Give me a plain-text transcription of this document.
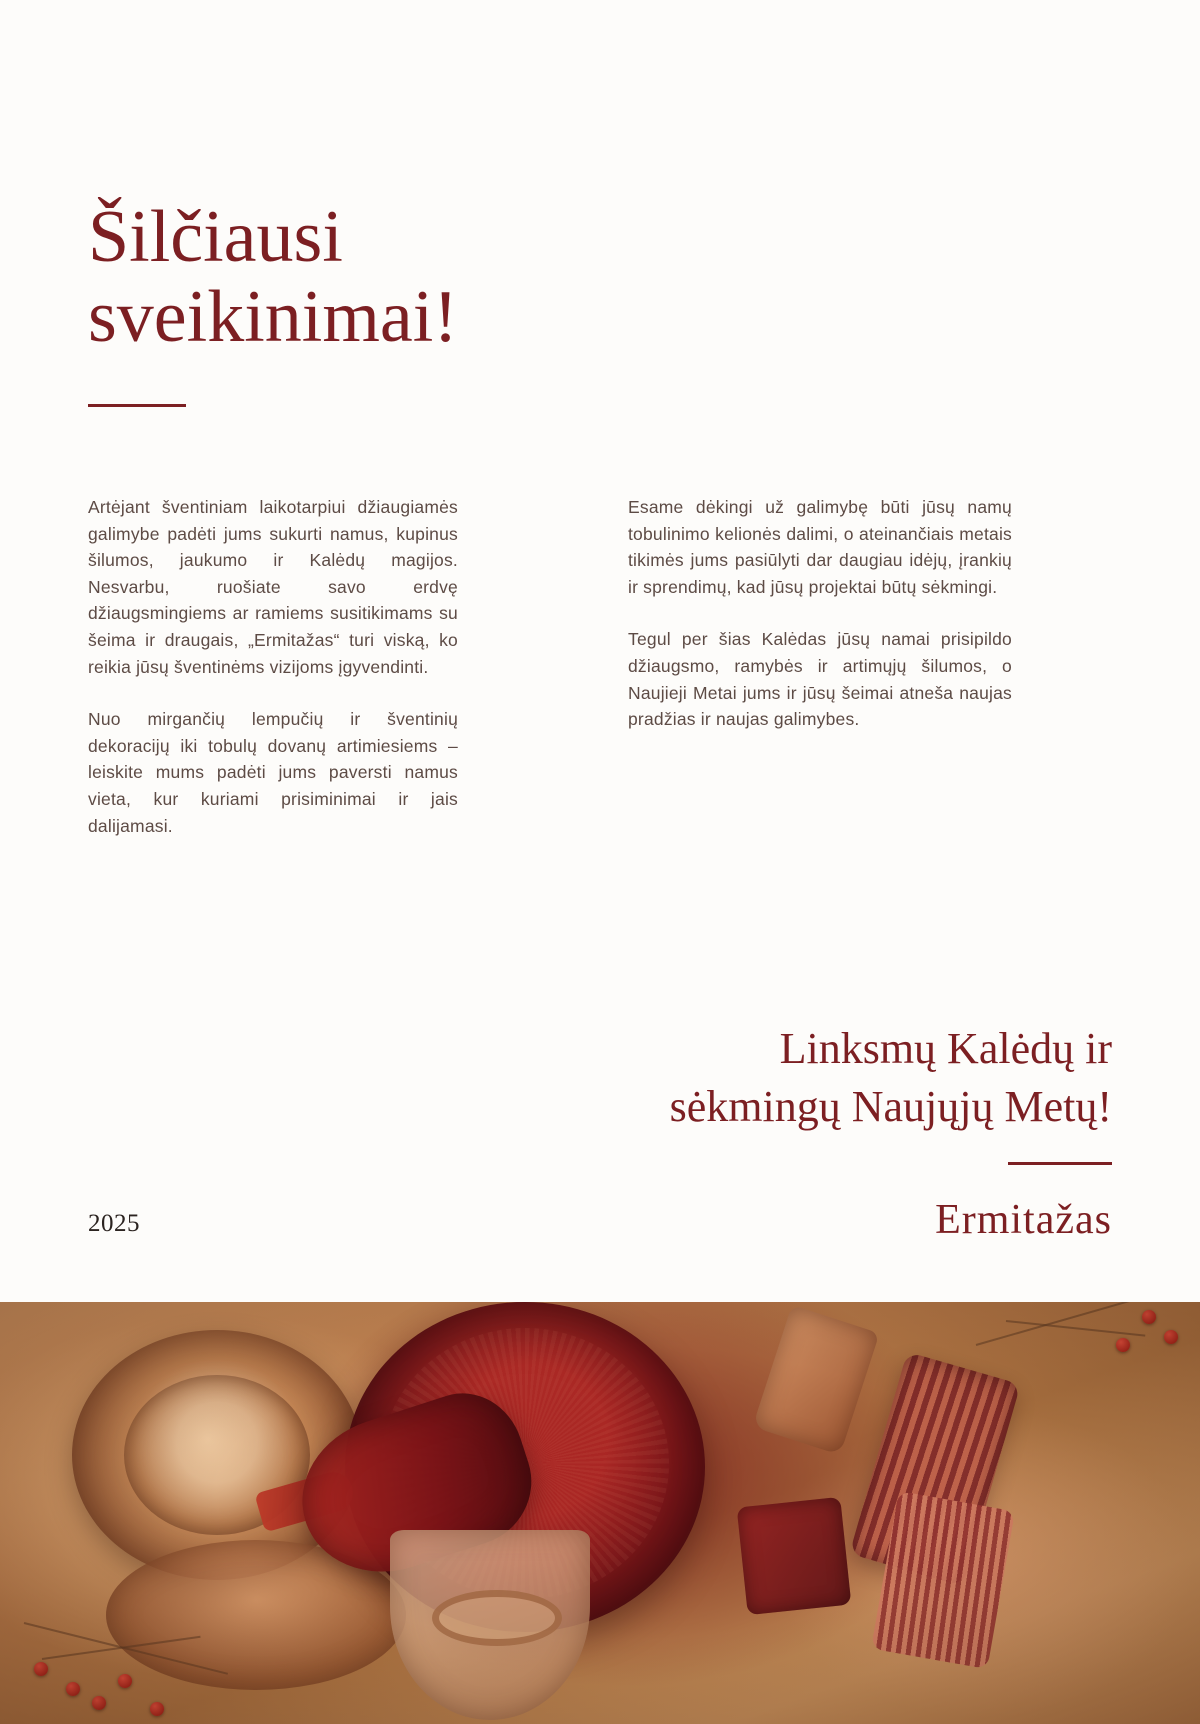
Šilčiausi
sveikinimai!

Artėjant šventiniam laikotarpiui džiaugiamės galimybe padėti jums sukurti namus, kupinus šilumos, jaukumo ir Kalėdų magijos. Nesvarbu, ruošiate savo erdvę džiaugsmingiems ar ramiems susitikimams su šeima ir draugais, „Ermitažas“ turi viską, ko reikia jūsų šventinėms vizijoms įgyvendinti.

Nuo mirgančių lempučių ir šventinių dekoracijų iki tobulų dovanų artimiesiems – leiskite mums padėti jums paversti namus vieta, kur kuriami prisiminimai ir jais dalijamasi.

Esame dėkingi už galimybę būti jūsų namų tobulinimo kelionės dalimi, o ateinančiais metais tikimės jums pasiūlyti dar daugiau idėjų, įrankių ir sprendimų, kad jūsų projektai būtų sėkmingi.

Tegul per šias Kalėdas jūsų namai prisipildo džiaugsmo, ramybės ir artimųjų šilumos, o Naujieji Metai jums ir jūsų šeimai atneša naujas pradžias ir naujas galimybes.

Linksmų Kalėdų ir
sėkmingų Naujųjų Metų!
Ermitažas
2025
